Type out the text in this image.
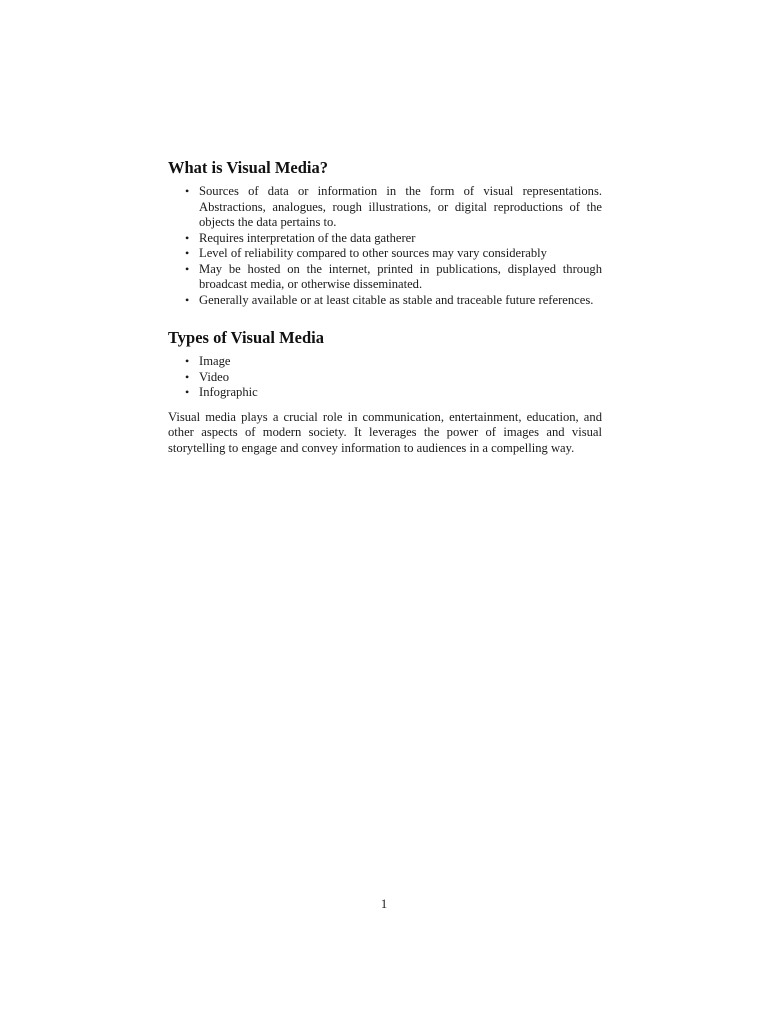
What is Visual Media?
• Sources of data or information in the form of visual representations. Abstractions, analogues, rough illustrations, or digital reproductions of the objects the data pertains to.
• Requires interpretation of the data gatherer
• Level of reliability compared to other sources may vary considerably
• May be hosted on the internet, printed in publications, displayed through broadcast media, or otherwise disseminated.
• Generally available or at least citable as stable and traceable future references.
Types of Visual Media
• Image
• Video
• Infographic

Visual media plays a crucial role in communication, entertainment, education, and other aspects of modern society. It leverages the power of images and visual storytelling to engage and convey information to audiences in a compelling way.

1
